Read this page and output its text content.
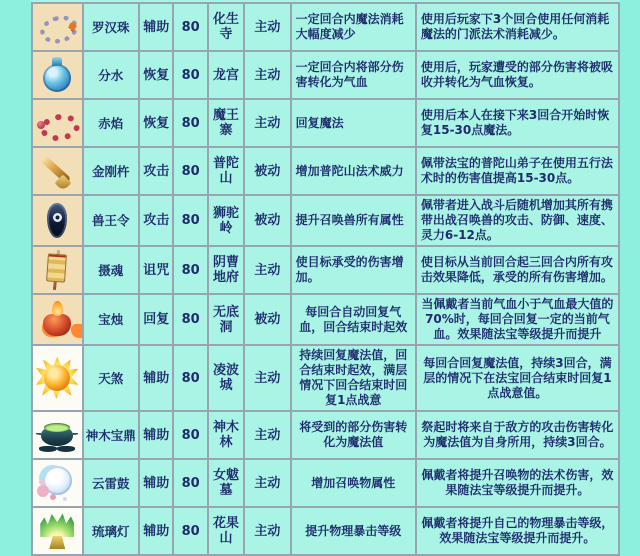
	罗汉珠	辅助	80	化生寺	主动	一定回合内魔法消耗大幅度减少	使用后玩家下3个回合使用任何消耗魔法的门派法术消耗减少。

	分水	恢复	80	龙宫	主动	一定回合内将部分伤害转化为气血	使用后，玩家遭受的部分伤害将被吸收并转化为气血恢复。

	赤焰	恢复	80	魔王寨	主动	回复魔法	使用后本人在接下来3回合开始时恢复15-30点魔法。

	金刚杵	攻击	80	普陀山	被动	增加普陀山法术威力	佩带法宝的普陀山弟子在使用五行法术时的伤害值提高15-30点。

	兽王令	攻击	80	狮驼岭	被动	提升召唤兽所有属性	佩带者进入战斗后随机增加其所有携带出战召唤兽的攻击、防御、速度、灵力6-12点。

	摄魂	诅咒	80	阴曹地府	主动	使目标承受的伤害增加。	使目标从当前回合起三回合内所有攻击效果降低，承受的所有伤害增加。

	宝烛	回复	80	无底洞	被动	每回合自动回复气血，回合结束时起效	当佩戴者当前气血小于气血最大值的70%时，每回合回复一定的当前气血。效果随法宝等级提升而提升

	天煞	辅助	80	凌波城	主动	持续回复魔法值，回合结束时起效，满层情况下回合结束时回复1点战意	每回合回复魔法值，持续3回合，满层的情况下在法宝回合结束时回复1点战意值。

	神木宝鼎	辅助	80	神木林	主动	将受到的部分伤害转化为魔法值	祭起时将来自于敌方的攻击伤害转化为魔法值为自身所用，持续3回合。

	云雷鼓	辅助	80	女魃墓	主动	增加召唤物属性	佩戴者将提升召唤物的法术伤害，效果随法宝等级提升而提升。

	琉璃灯	辅助	80	花果山	主动	提升物理暴击等级	佩戴者将提升自己的物理暴击等级，效果随法宝等级提升而提升。
